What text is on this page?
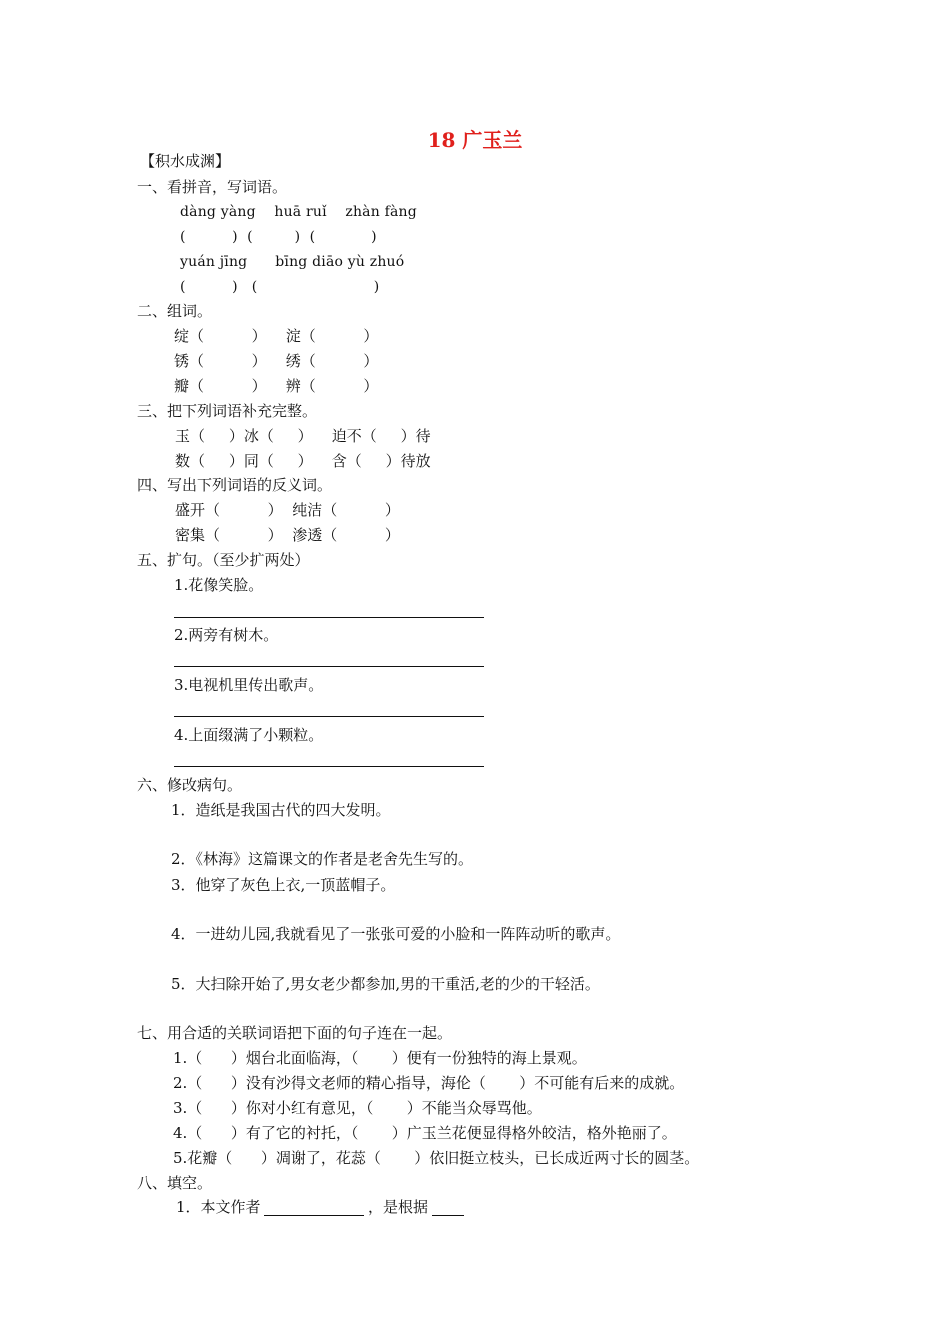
18 广玉兰
【积水成渊】
一、看拼音，写词语。
dàng yàng    huā ruǐ    zhàn fàng
(          )  (         )  (            )
yuán jīng      bīng diāo yù zhuó
(          )   (                         )
二、组词。
绽（          ）    淀（          ）
锈（          ）    绣（          ）
瓣（          ）    辨（          ）
三、把下列词语补充完整。
玉（     ）冰（     ）    迫不（     ）待
数（     ）同（     ）    含（     ）待放
四、写出下列词语的反义词。
盛开（          ）  纯洁（          ）
密集（          ）  渗透（          ）
五、扩句。（至少扩两处）
1.花像笑脸。
2.两旁有树木。
3.电视机里传出歌声。
4.上面缀满了小颗粒。
六、修改病句。
1．造纸是我国古代的四大发明。
2．《林海》这篇课文的作者是老舍先生写的。
3．他穿了灰色上衣,一顶蓝帽子。
4．一进幼儿园,我就看见了一张张可爱的小脸和一阵阵动听的歌声。
5．大扫除开始了,男女老少都参加,男的干重活,老的少的干轻活。
七、用合适的关联词语把下面的句子连在一起。
1.（      ）烟台北面临海，（       ）便有一份独特的海上景观。
2.（      ）没有沙得文老师的精心指导，海伦（       ）不可能有后来的成就。
3.（      ）你对小红有意见，（       ）不能当众辱骂他。
4.（      ）有了它的衬托，（       ）广玉兰花便显得格外皎洁，格外艳丽了。
5.花瓣（      ）凋谢了，花蕊（       ）依旧挺立枝头，已长成近两寸长的圆茎。
八、填空。
1．本文作者	，是根据
